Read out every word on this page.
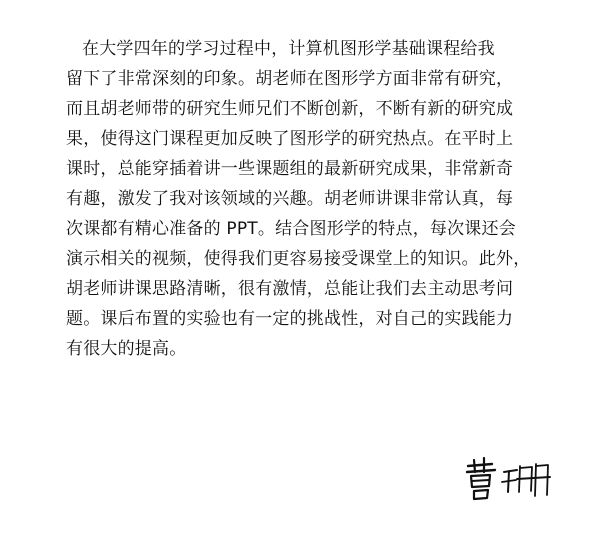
在大学四年的学习过程中，计算机图形学基础课程给我
留下了非常深刻的印象。胡老师在图形学方面非常有研究，
而且胡老师带的研究生师兄们不断创新，不断有新的研究成
果，使得这门课程更加反映了图形学的研究热点。在平时上
课时，总能穿插着讲一些课题组的最新研究成果，非常新奇
有趣，激发了我对该领域的兴趣。胡老师讲课非常认真，每
次课都有精心准备的 PPT。结合图形学的特点，每次课还会
演示相关的视频，使得我们更容易接受课堂上的知识。此外，
胡老师讲课思路清晰，很有激情，总能让我们去主动思考问
题。课后布置的实验也有一定的挑战性，对自己的实践能力
有很大的提高。
